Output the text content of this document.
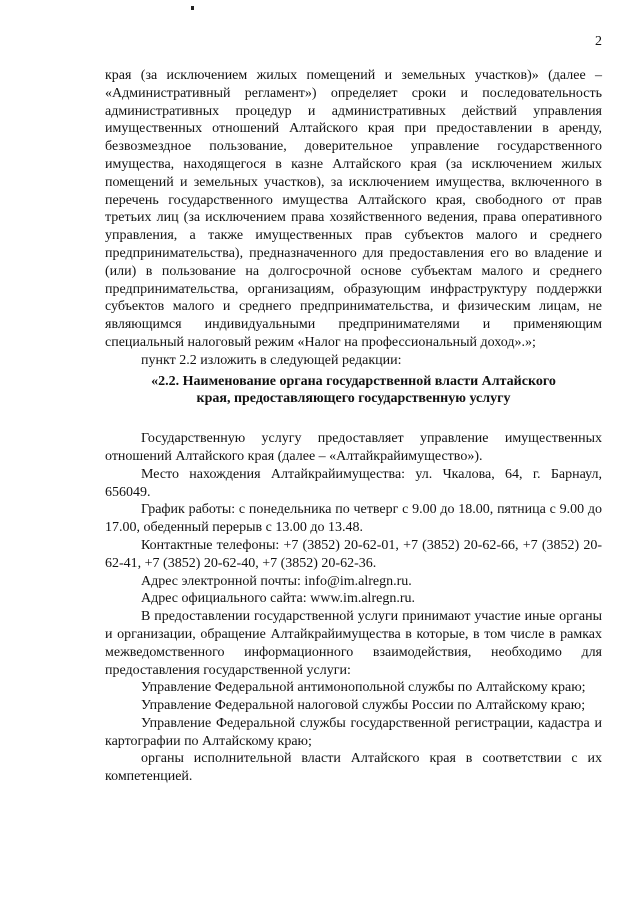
2

края (за исключением жилых помещений и земельных участков)» (далее – «Административный регламент») определяет сроки и последовательность административных процедур и административных действий управления имущественных отношений Алтайского края при предоставлении в аренду, безвозмездное пользование, доверительное управление государственного имущества, находящегося в казне Алтайского края (за исключением жилых помещений и земельных участков), за исключением имущества, включенного в перечень государственного имущества Алтайского края, свободного от прав третьих лиц (за исключением права хозяйственного ведения, права оперативного управления, а также имущественных прав субъектов малого и среднего предпринимательства), предназначенного для предоставления его во владение и (или) в пользование на долгосрочной основе субъектам малого и среднего предпринимательства, организациям, образующим инфраструктуру поддержки субъектов малого и среднего предпринимательства, и физическим лицам, не являющимся индивидуальными предпринимателями и применяющим специальный налоговый режим «Налог на профессиональный доход».»;

пункт 2.2 изложить в следующей редакции:

«2.2. Наименование органа государственной власти Алтайского
края, предоставляющего государственную услугу

Государственную услугу предоставляет управление имущественных отношений Алтайского края (далее – «Алтайкрайимущество»).

Место нахождения Алтайкрайимущества: ул. Чкалова, 64, г. Барнаул, 656049.

График работы: с понедельника по четверг с 9.00 до 18.00, пятница с 9.00 до 17.00, обеденный перерыв с 13.00 до 13.48.

Контактные телефоны: +7 (3852) 20-62-01, +7 (3852) 20-62-66, +7 (3852) 20-62-41, +7 (3852) 20-62-40, +7 (3852) 20-62-36.

Адрес электронной почты: info@im.alregn.ru.

Адрес официального сайта: www.im.alregn.ru.

В предоставлении государственной услуги принимают участие иные органы и организации, обращение Алтайкрайимущества в которые, в том числе в рамках межведомственного информационного взаимодействия, необходимо для предоставления государственной услуги:

Управление Федеральной антимонопольной службы по Алтайскому краю;

Управление Федеральной налоговой службы России по Алтайскому краю;

Управление Федеральной службы государственной регистрации, кадастра и картографии по Алтайскому краю;

органы исполнительной власти Алтайского края в соответствии с их компетенцией.
